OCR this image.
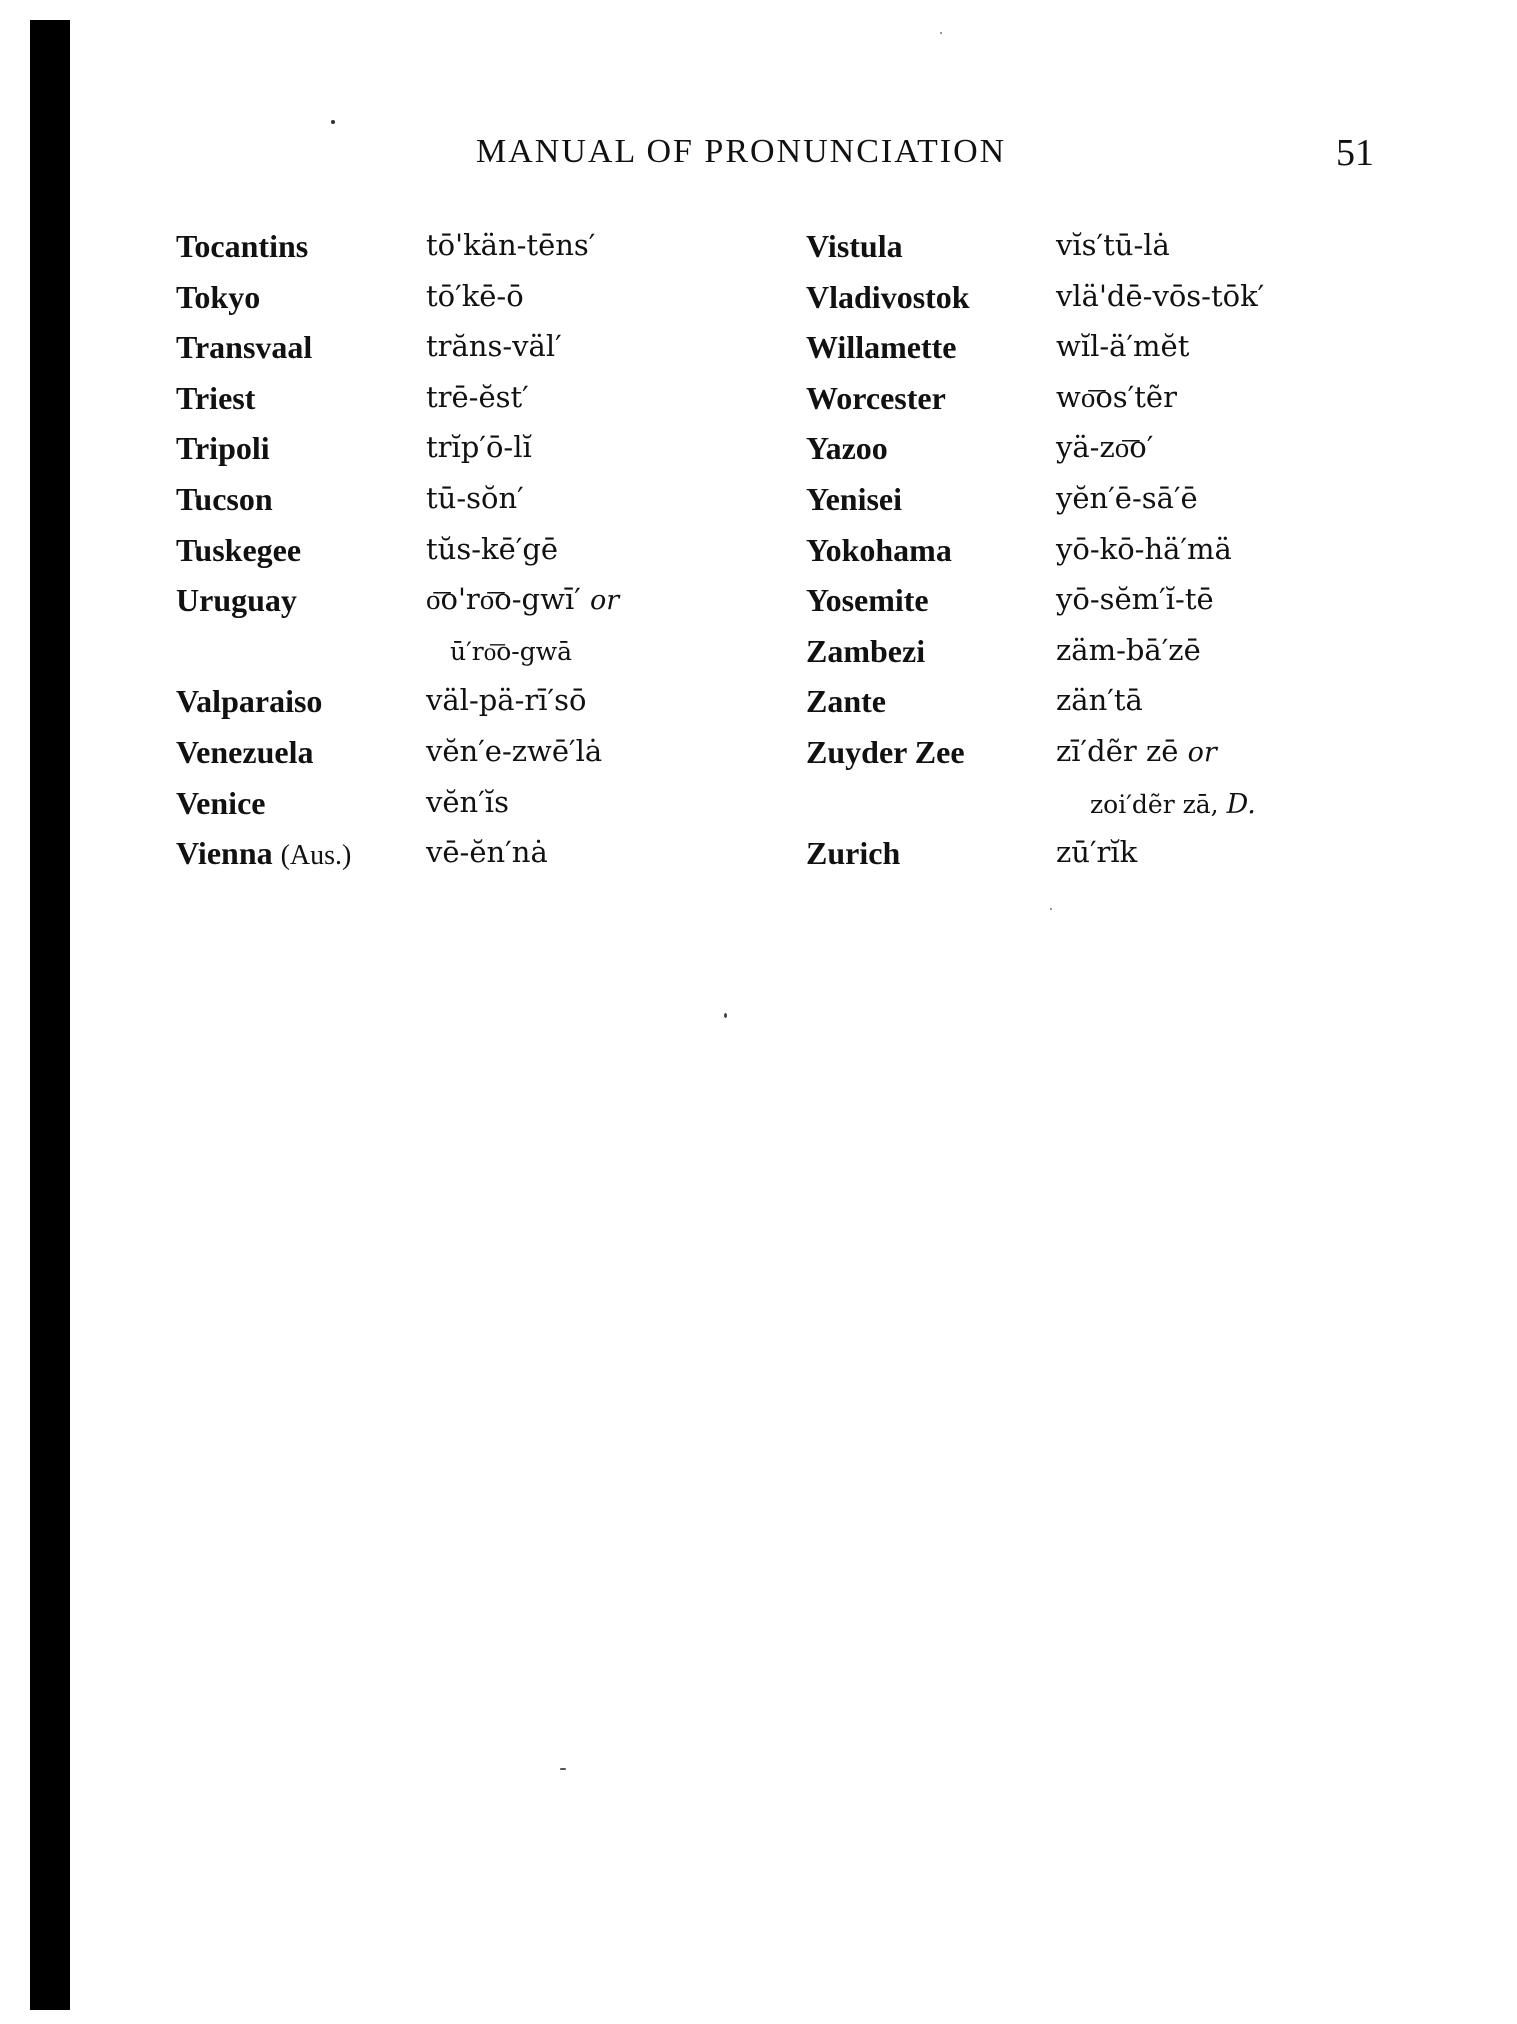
MANUAL OF PRONUNCIATION	51
Tocantins	tō'kän-tēns′
Tokyo	tō′kē-ō
Transvaal	trăns-väl′
Triest	trē-ĕst′
Tripoli	trĭp′ō-lĭ
Tucson	tū-sŏn′
Tuskegee	tŭs-kē′gē
Uruguay	o͞o'ro͞o-gwī′ or
ū′ro͞o-gwā
Valparaiso	väl-pä-rī′sō
Venezuela	vĕn′e-zwē′lȧ
Venice	vĕn′ĭs
Vienna (Aus.)	vē-ĕn′nȧ
Vistula	vĭs′tū-lȧ
Vladivostok	vlä'dē-vōs-tōk′
Willamette	wĭl-ä′mĕt
Worcester	wo͞os′tẽr
Yazoo	yä-zo͞o′
Yenisei	yĕn′ē-sā′ē
Yokohama	yō-kō-hä′mä
Yosemite	yō-sĕm′ĭ-tē
Zambezi	zäm-bā′zē
Zante	zän′tā
Zuyder Zee	zī′dẽr zē or
zoi′dẽr zā, D.
Zurich	zū′rĭk
